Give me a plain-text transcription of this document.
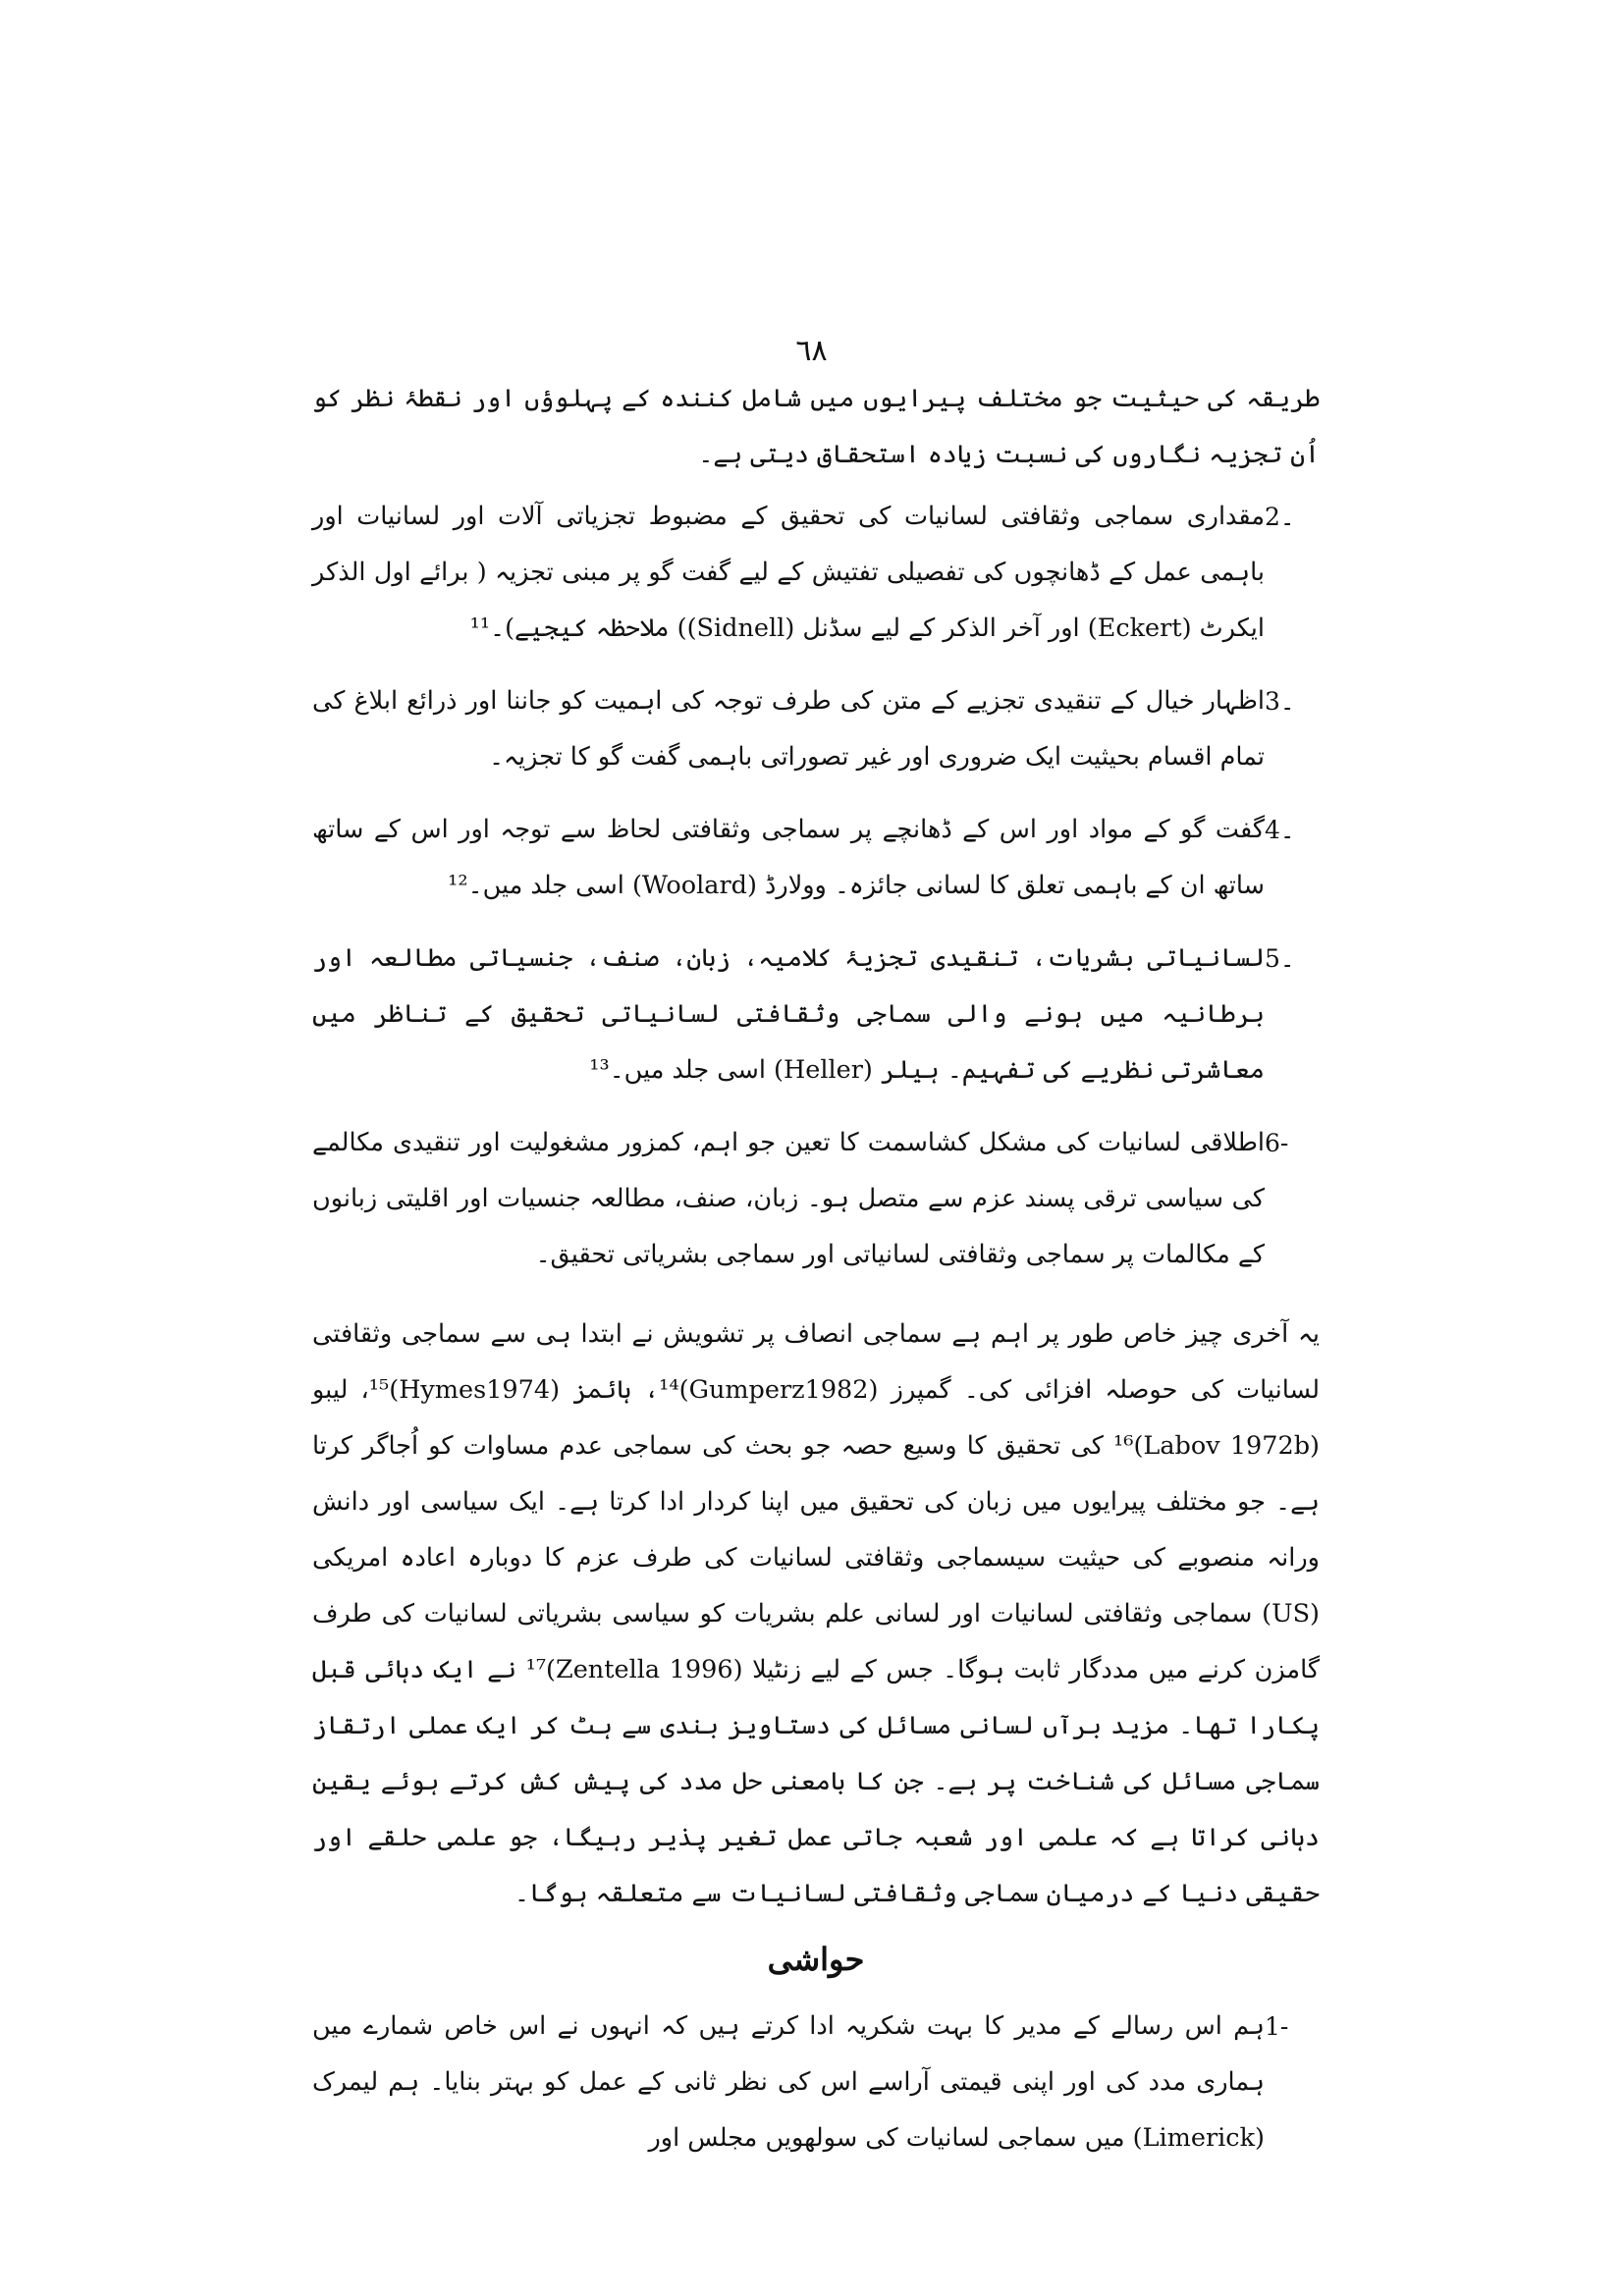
٦٨

طریقہ کی حیثیت جو مختلف پیرایوں میں شامل کنندہ کے پہلوؤں اور نقطۂ نظر کو اُن تجزیہ نگاروں کی نسبت زیادہ استحقاق دیتی ہے۔

2۔
مقداری سماجی وثقافتی لسانیات کی تحقیق کے مضبوط تجزیاتی آلات اور لسانیات اور باہمی عمل کے ڈھانچوں کی تفصیلی تفتیش کے لیے گفت گو پر مبنی تجزیہ ( برائے اول الذکر ایکرٹ (Eckert) اور آخر الذکر کے لیے سڈنل (Sidnell)) ملاحظہ کیجیے)۔¹¹
3۔
اظہار خیال کے تنقیدی تجزیے کے متن کی طرف توجہ کی اہمیت کو جاننا اور ذرائع ابلاغ کی تمام اقسام بحیثیت ایک ضروری اور غیر تصوراتی باہمی گفت گو کا تجزیہ۔
4۔
گفت گو کے مواد اور اس کے ڈھانچے پر سماجی وثقافتی لحاظ سے توجہ اور اس کے ساتھ ساتھ ان کے باہمی تعلق کا لسانی جائزہ۔ وولارڈ (Woolard) اسی جلد میں۔¹²
5۔
لسانیاتی بشریات، تنقیدی تجزیۂ کلامیہ، زبان، صنف، جنسیاتی مطالعہ اور برطانیہ میں ہونے والی سماجی وثقافتی لسانیاتی تحقیق کے تناظر میں معاشرتی نظریے کی تفہیم۔ ہیلر (Heller) اسی جلد میں۔¹³
6-
اطلاقی لسانیات کی مشکل کشاسمت کا تعین جو اہم، کمزور مشغولیت اور تنقیدی مکالمے کی سیاسی ترقی پسند عزم سے متصل ہو۔ زبان، صنف، مطالعہ جنسیات اور اقلیتی زبانوں کے مکالمات پر سماجی وثقافتی لسانیاتی اور سماجی بشریاتی تحقیق۔

یہ آخری چیز خاص طور پر اہم ہے سماجی انصاف پر تشویش نے ابتدا ہی سے سماجی وثقافتی لسانیات کی حوصلہ افزائی کی۔ گمپرز (Gumperz1982)¹⁴، ہائمز (Hymes1974)¹⁵، لیبو (Labov 1972b)¹⁶ کی تحقیق کا وسیع حصہ جو بحث کی سماجی عدم مساوات کو اُجاگر کرتا ہے۔ جو مختلف پیرایوں میں زبان کی تحقیق میں اپنا کردار ادا کرتا ہے۔ ایک سیاسی اور دانش ورانہ منصوبے کی حیثیت سیسماجی وثقافتی لسانیات کی طرف عزم کا دوبارہ اعادہ امریکی (US) سماجی وثقافتی لسانیات اور لسانی علم بشریات کو سیاسی بشریاتی لسانیات کی طرف گامزن کرنے میں مددگار ثابت ہوگا۔ جس کے لیے زنٹیلا (Zentella 1996)¹⁷ نے ایک دہائی قبل پکارا تھا۔ مزید برآں لسانی مسائل کی دستاویز بندی سے ہٹ کر ایک عملی ارتقاز سماجی مسائل کی شناخت پر ہے۔ جن کا بامعنی حل مدد کی پیش کش کرتے ہوئے یقین دہانی کراتا ہے کہ علمی اور شعبہ جاتی عمل تغیر پذیر رہیگا، جو علمی حلقے اور حقیقی دنیا کے درمیان سماجی وثقافتی لسانیات سے متعلقہ ہوگا۔

حواشی
1-
ہم اس رسالے کے مدیر کا بہت شکریہ ادا کرتے ہیں کہ انہوں نے اس خاص شمارے میں ہماری مدد کی اور اپنی قیمتی آراسے اس کی نظر ثانی کے عمل کو بہتر بنایا۔ ہم لیمرک (Limerick) میں سماجی لسانیات کی سولھویں مجلس اور
